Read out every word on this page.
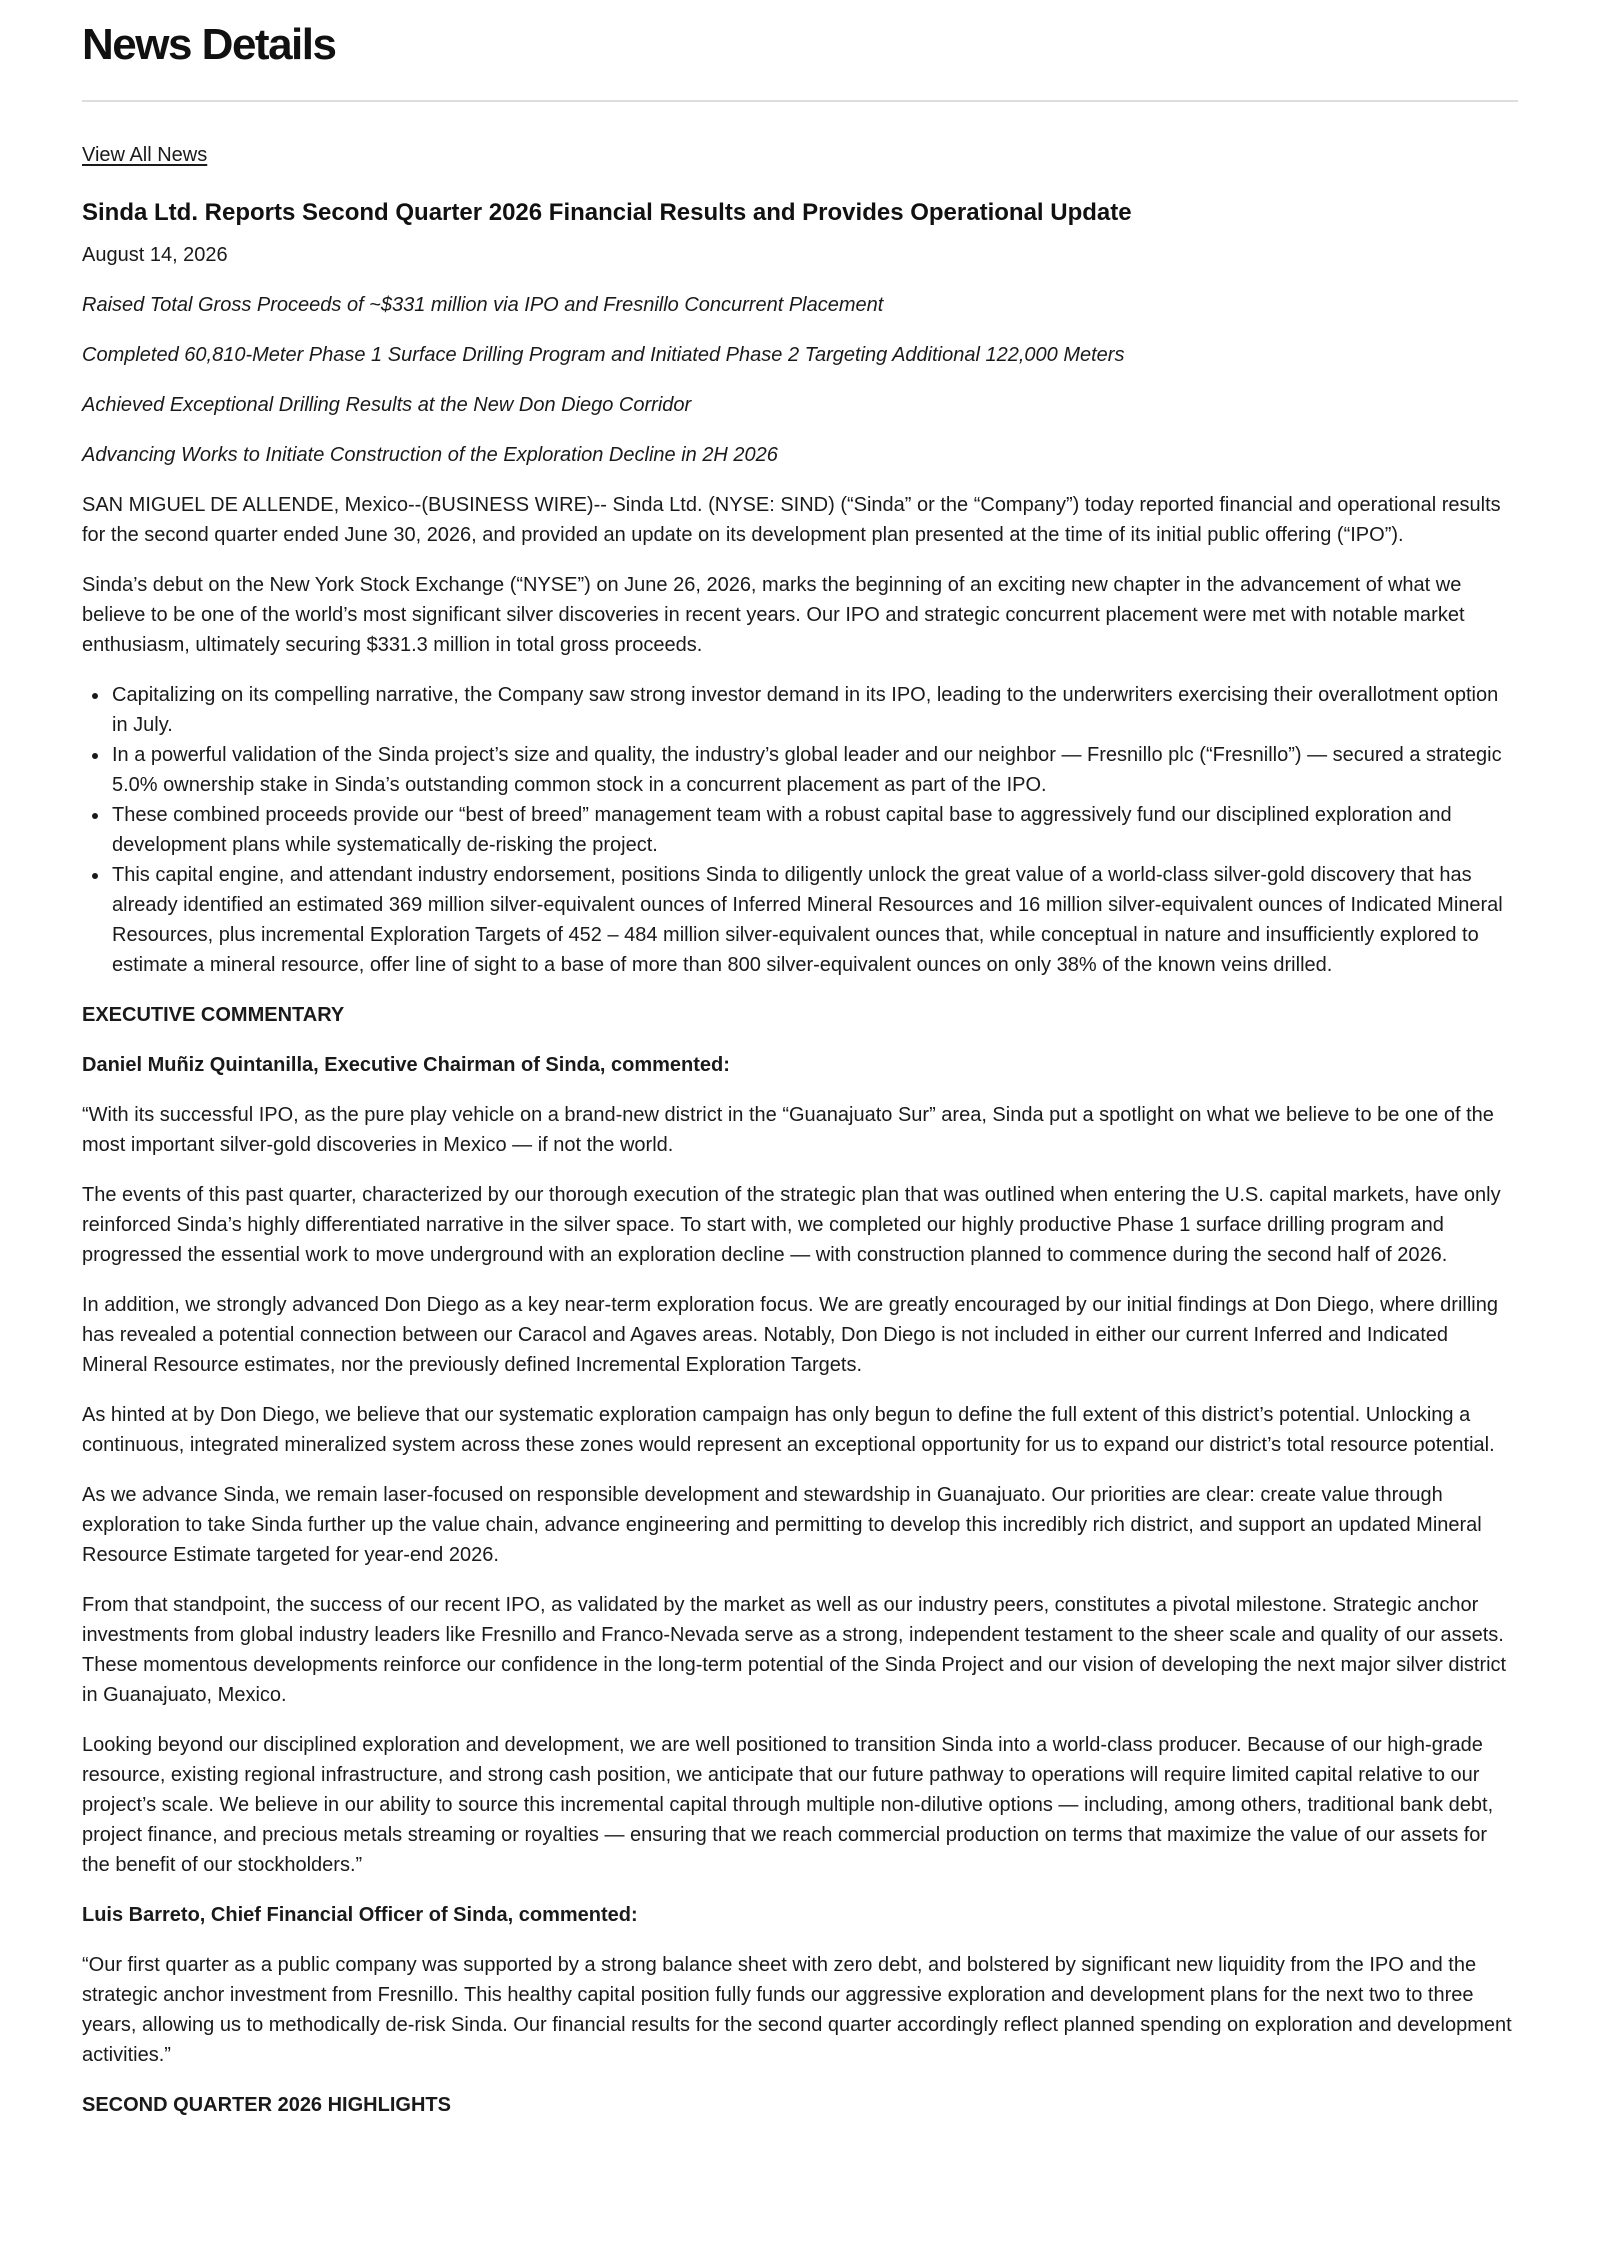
News Details
View All News
Sinda Ltd. Reports Second Quarter 2026 Financial Results and Provides Operational Update

August 14, 2026

Raised Total Gross Proceeds of ~$331 million via IPO and Fresnillo Concurrent Placement

Completed 60,810-Meter Phase 1 Surface Drilling Program and Initiated Phase 2 Targeting Additional 122,000 Meters

Achieved Exceptional Drilling Results at the New Don Diego Corridor

Advancing Works to Initiate Construction of the Exploration Decline in 2H 2026

SAN MIGUEL DE ALLENDE, Mexico--(BUSINESS WIRE)-- Sinda Ltd. (NYSE: SIND) (“Sinda” or the “Company”) today reported financial and operational results for the second quarter ended June 30, 2026, and provided an update on its development plan presented at the time of its initial public offering (“IPO”).

Sinda’s debut on the New York Stock Exchange (“NYSE”) on June 26, 2026, marks the beginning of an exciting new chapter in the advancement of what we believe to be one of the world’s most significant silver discoveries in recent years. Our IPO and strategic concurrent placement were met with notable market enthusiasm, ultimately securing $331.3 million in total gross proceeds.

• Capitalizing on its compelling narrative, the Company saw strong investor demand in its IPO, leading to the underwriters exercising their overallotment option in July.
• In a powerful validation of the Sinda project’s size and quality, the industry’s global leader and our neighbor — Fresnillo plc (“Fresnillo”) — secured a strategic 5.0% ownership stake in Sinda’s outstanding common stock in a concurrent placement as part of the IPO.
• These combined proceeds provide our “best of breed” management team with a robust capital base to aggressively fund our disciplined exploration and development plans while systematically de-risking the project.
• This capital engine, and attendant industry endorsement, positions Sinda to diligently unlock the great value of a world-class silver-gold discovery that has already identified an estimated 369 million silver-equivalent ounces of Inferred Mineral Resources and 16 million silver-equivalent ounces of Indicated Mineral Resources, plus incremental Exploration Targets of 452 – 484 million silver-equivalent ounces that, while conceptual in nature and insufficiently explored to estimate a mineral resource, offer line of sight to a base of more than 800 silver-equivalent ounces on only 38% of the known veins drilled.

EXECUTIVE COMMENTARY

Daniel Muñiz Quintanilla, Executive Chairman of Sinda, commented:

“With its successful IPO, as the pure play vehicle on a brand-new district in the “Guanajuato Sur” area, Sinda put a spotlight on what we believe to be one of the most important silver-gold discoveries in Mexico — if not the world.

The events of this past quarter, characterized by our thorough execution of the strategic plan that was outlined when entering the U.S. capital markets, have only reinforced Sinda’s highly differentiated narrative in the silver space. To start with, we completed our highly productive Phase 1 surface drilling program and progressed the essential work to move underground with an exploration decline — with construction planned to commence during the second half of 2026.

In addition, we strongly advanced Don Diego as a key near-term exploration focus. We are greatly encouraged by our initial findings at Don Diego, where drilling has revealed a potential connection between our Caracol and Agaves areas. Notably, Don Diego is not included in either our current Inferred and Indicated Mineral Resource estimates, nor the previously defined Incremental Exploration Targets.

As hinted at by Don Diego, we believe that our systematic exploration campaign has only begun to define the full extent of this district’s potential. Unlocking a continuous, integrated mineralized system across these zones would represent an exceptional opportunity for us to expand our district’s total resource potential.

As we advance Sinda, we remain laser-focused on responsible development and stewardship in Guanajuato. Our priorities are clear: create value through exploration to take Sinda further up the value chain, advance engineering and permitting to develop this incredibly rich district, and support an updated Mineral Resource Estimate targeted for year-end 2026.

From that standpoint, the success of our recent IPO, as validated by the market as well as our industry peers, constitutes a pivotal milestone. Strategic anchor investments from global industry leaders like Fresnillo and Franco-Nevada serve as a strong, independent testament to the sheer scale and quality of our assets. These momentous developments reinforce our confidence in the long-term potential of the Sinda Project and our vision of developing the next major silver district in Guanajuato, Mexico.

Looking beyond our disciplined exploration and development, we are well positioned to transition Sinda into a world-class producer. Because of our high-grade resource, existing regional infrastructure, and strong cash position, we anticipate that our future pathway to operations will require limited capital relative to our project’s scale. We believe in our ability to source this incremental capital through multiple non-dilutive options — including, among others, traditional bank debt, project finance, and precious metals streaming or royalties — ensuring that we reach commercial production on terms that maximize the value of our assets for the benefit of our stockholders.”

Luis Barreto, Chief Financial Officer of Sinda, commented:

“Our first quarter as a public company was supported by a strong balance sheet with zero debt, and bolstered by significant new liquidity from the IPO and the strategic anchor investment from Fresnillo. This healthy capital position fully funds our aggressive exploration and development plans for the next two to three years, allowing us to methodically de-risk Sinda. Our financial results for the second quarter accordingly reflect planned spending on exploration and development activities.”

SECOND QUARTER 2026 HIGHLIGHTS
